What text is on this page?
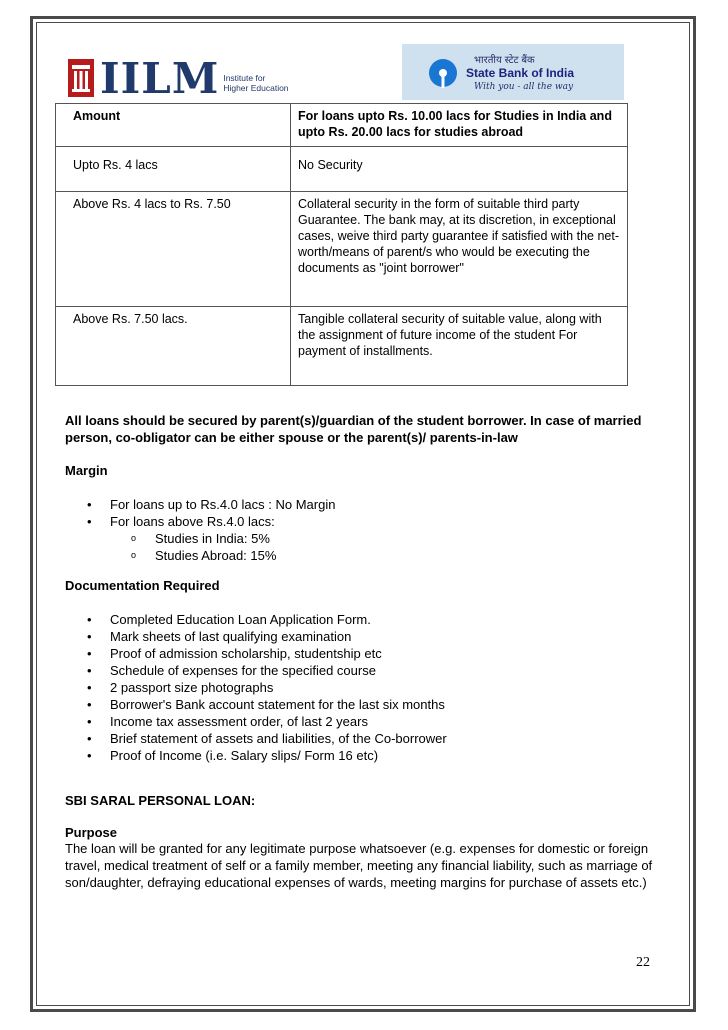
IILM Institute for
Higher Education
भारतीय स्टेट बैंक
State Bank of India
With you - all the way
Amount	For loans upto Rs. 10.00 lacs for Studies in India and upto Rs. 20.00 lacs for studies abroad
Upto Rs. 4 lacs	No Security
Above Rs. 4 lacs to Rs. 7.50	Collateral security in the form of suitable third party Guarantee. The bank may, at its discretion, in exceptional cases, weive third party guarantee if satisfied with the net-worth/means of parent/s who would be executing the documents as "joint borrower"
Above Rs. 7.50 lacs.	Tangible collateral security of suitable value, along with the assignment of future income of the student For payment of installments.
All loans should be secured by parent(s)/guardian of the student borrower. In case of married person, co-obligator can be either spouse or the parent(s)/ parents-in-law
Margin
• For loans up to Rs.4.0 lacs : No Margin
• For loans above Rs.4.0 lacs:
o Studies in India: 5%
o Studies Abroad: 15%
Documentation Required
• Completed Education Loan Application Form.
• Mark sheets of last qualifying examination
• Proof of admission scholarship, studentship etc
• Schedule of expenses for the specified course
• 2 passport size photographs
• Borrower's Bank account statement for the last six months
• Income tax assessment order, of last 2 years
• Brief statement of assets and liabilities, of the Co-borrower
• Proof of Income (i.e. Salary slips/ Form 16 etc)
SBI SARAL PERSONAL LOAN:
Purpose
The loan will be granted for any legitimate purpose whatsoever (e.g. expenses for domestic or foreign travel, medical treatment of self or a family member, meeting any financial liability, such as marriage of son/daughter, defraying educational expenses of wards, meeting margins for purchase of assets etc.)
22
